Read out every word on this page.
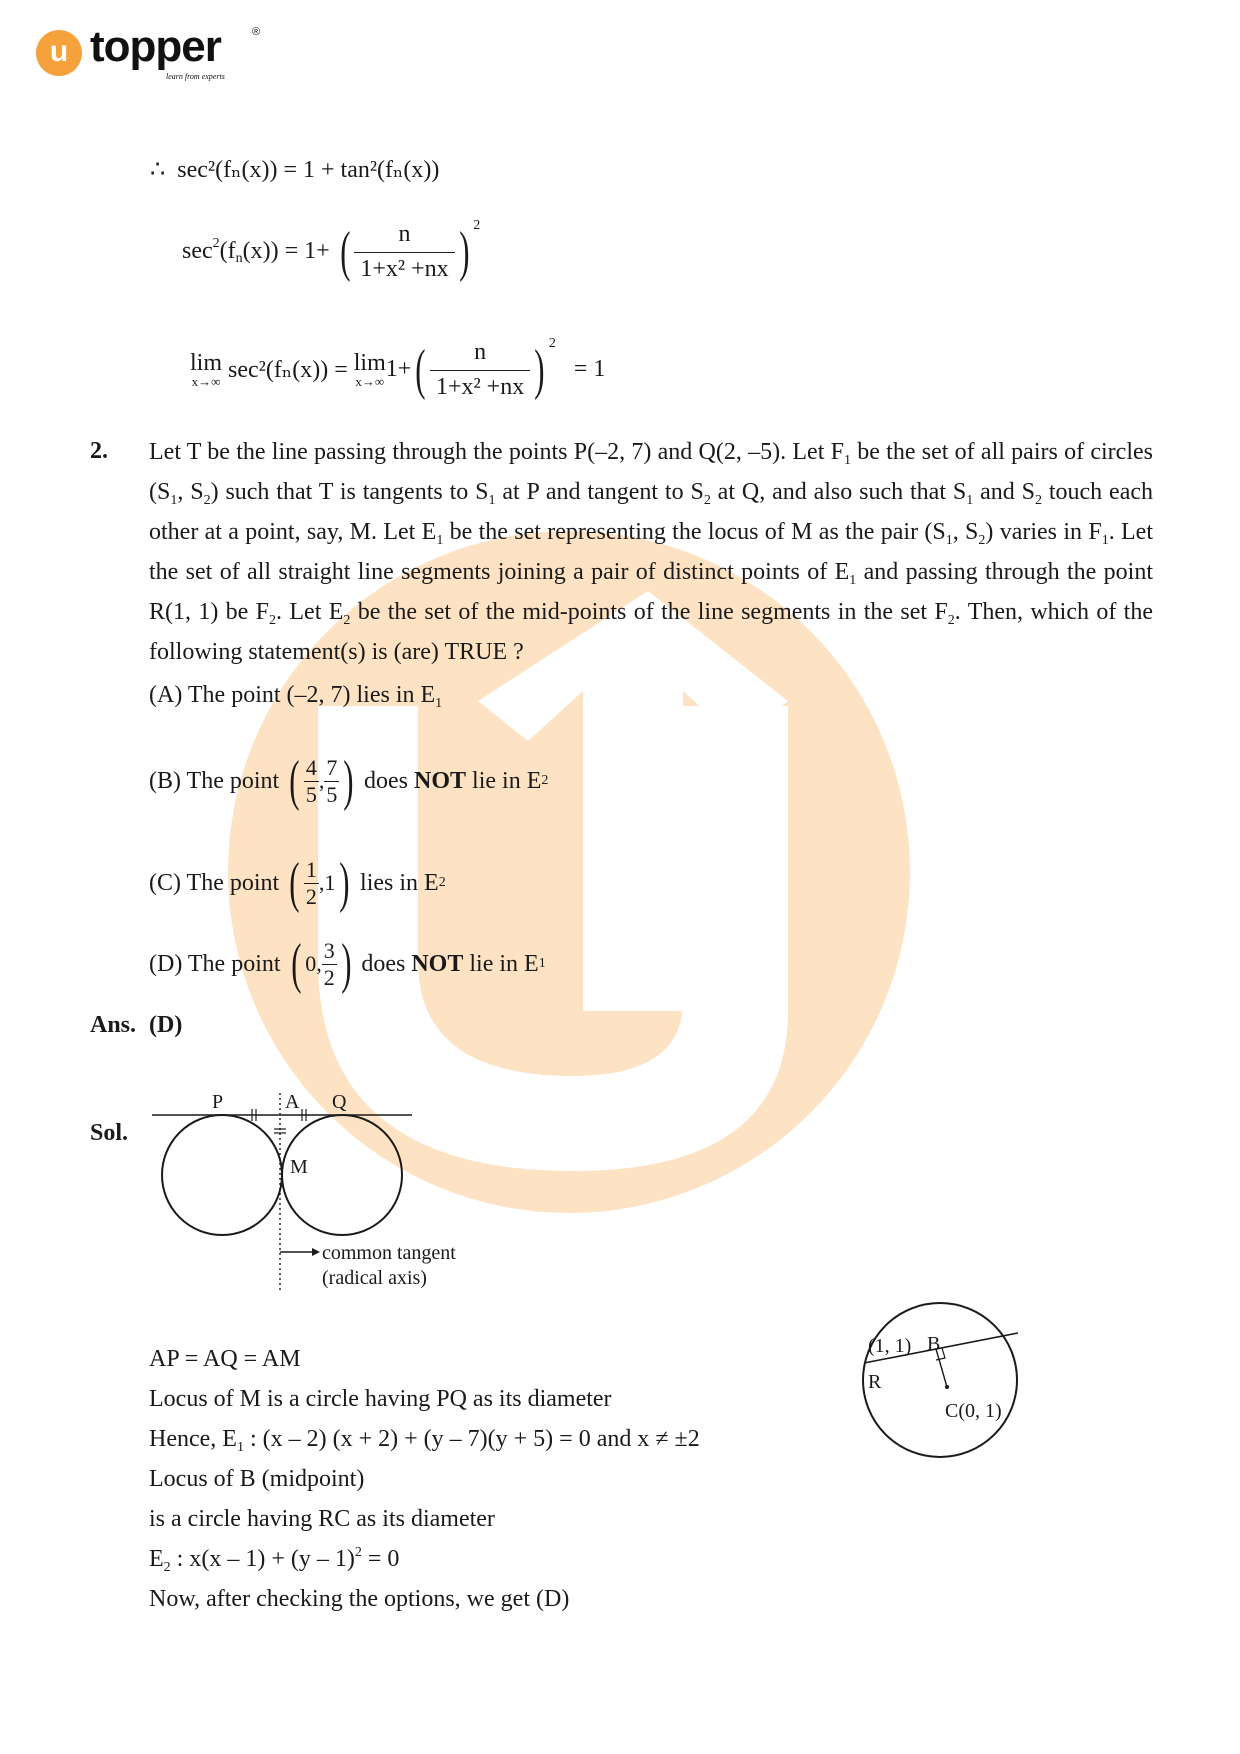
u topper	®
learn from experts
∴ sec²(fₙ(x)) = 1 + tan²(fₙ(x))
$\sec^2(f_n(x)) = 1+$ ( $\frac{n}{\text{1+x² +nx}}$ ) $^2$
lim
x→∞ sec²(fₙ(x)) = lim
x→∞ $1+( \frac{n}{\text{1+x² +nx}}$ ) $^2$   = 1
2. Let T be the line passing through the points P(–2, 7) and Q(2, –5). Let $F_1$ be the set of all pairs of circles ($S_1$, $S_2$) such that T is tangents to $S_1$ at P and tangent to $S_2$ at Q, and also such that $S_1$ and $S_2$ touch each other at a point, say, M. Let $E_1$ be the set representing the locus of M as the pair ($S_1$, $S_2$) varies in $F_1$. Let the set of all straight line segments joining a pair of distinct points of $E_1$ and passing through the point R(1, 1) be $F_2$. Let $E_2$ be the set of the mid-points of the line segments in the set $F_2$. Then, which of the following statement(s) is (are) TRUE ?
(A) The point (–2, 7) lies in $E_1$
(B) The point
( $\frac{4}{5}$ , $\frac{7}{5}$ )
does
NOT
lie in E 2
(C) The point
( $\frac{1}{2} ,1$ )
lies in E 2
(D) The point
( 0, $\frac{3}{2}$ )
does
NOT
lie in E 1
Ans. (D)
Sol.
P	A Q
M
common tangent
(radical axis)
(1, 1) B
R
C(0, 1)
AP = AQ = AM
Locus of M is a circle having PQ as its diameter
Hence, $E_1$ : (x – 2) (x + 2) + (y – 7)(y + 5) = 0 and x ≠ ±2
Locus of B (midpoint)
is a circle having RC as its diameter
$E_2$ : x(x – 1) + (y – 1)$^2$ = 0
Now, after checking the options, we get (D)
